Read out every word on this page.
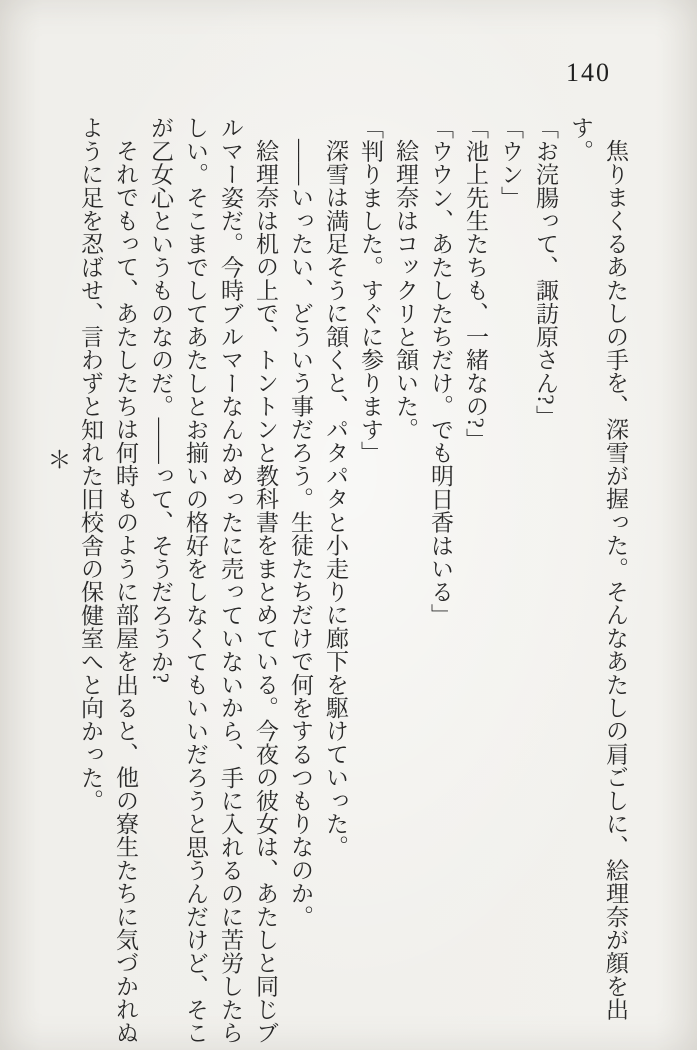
140

焦りまくるあたしの手を、深雪が握った。そんなあたしの肩ごしに、絵理奈が顔を出す。

「お浣腸って、諏訪原さん?」

「ウン」

「池上先生たちも、一緒なの?」

「ウウン、あたしたちだけ。でも明日香はいる」

絵理奈はコックリと頷いた。

「判りました。すぐに参ります」

深雪は満足そうに頷くと、パタパタと小走りに廊下を駆けていった。

――いったい、どういう事だろう。生徒たちだけで何をするつもりなのか。

絵理奈は机の上で、トントンと教科書をまとめている。今夜の彼女は、あたしと同じブルマー姿だ。今時ブルマーなんかめったに売っていないから、手に入れるのに苦労したらしい。そこまでしてあたしとお揃いの格好をしなくてもいいだろうと思うんだけど、そこが乙女心というものなのだ。――って、そうだろうか?

それでもって、あたしたちは何時ものように部屋を出ると、他の寮生たちに気づかれぬように足を忍ばせ、言わずと知れた旧校舎の保健室へと向かった。

＊
